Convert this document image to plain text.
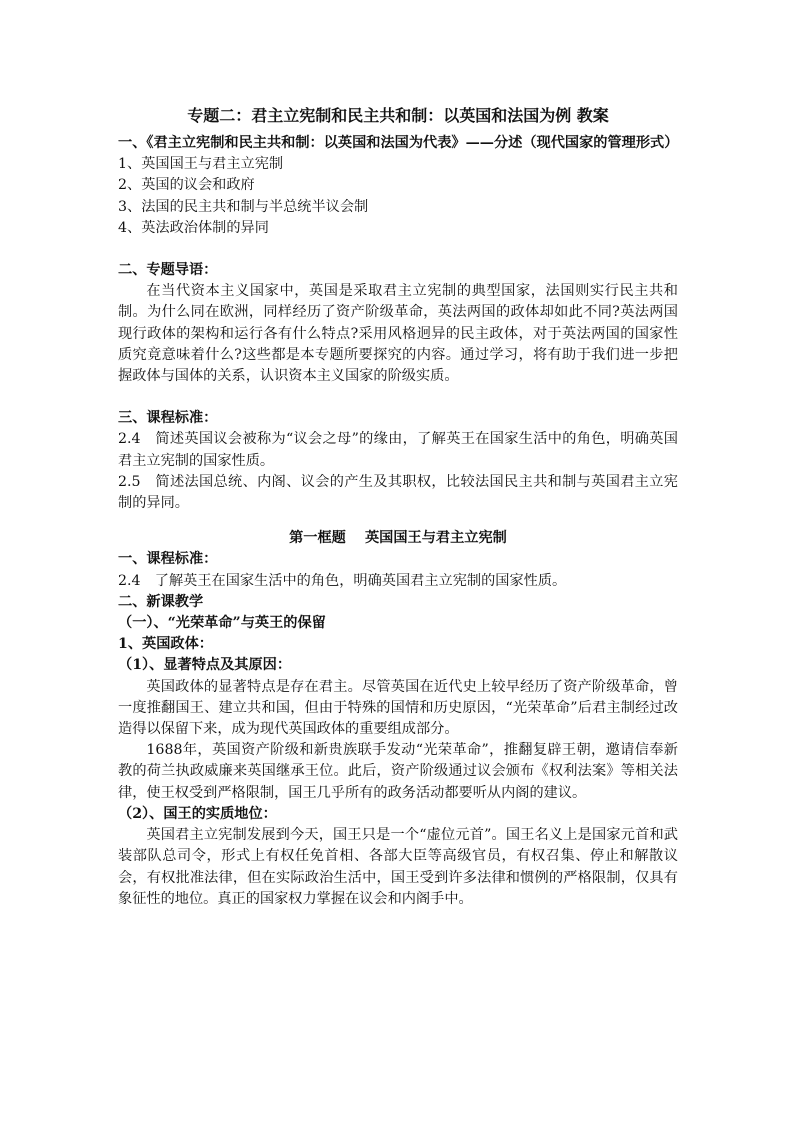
专题二：君主立宪制和民主共和制：以英国和法国为例 教案
一、《君主立宪制和民主共和制：以英国和法国为代表》——分述（现代国家的管理形式）
1、英国国王与君主立宪制
2、英国的议会和政府
3、法国的民主共和制与半总统半议会制
4、英法政治体制的异同
二、专题导语：
在当代资本主义国家中，英国是采取君主立宪制的典型国家，法国则实行民主共和制。为什么同在欧洲，同样经历了资产阶级革命，英法两国的政体却如此不同?英法两国现行政体的架构和运行各有什么特点?采用风格迥异的民主政体，对于英法两国的国家性质究竟意味着什么?这些都是本专题所要探究的内容。通过学习，将有助于我们进一步把握政体与国体的关系，认识资本主义国家的阶级实质。
三、课程标准：
2.4　简述英国议会被称为“议会之母”的缘由，了解英王在国家生活中的角色，明确英国君主立宪制的国家性质。
2.5　简述法国总统、内阁、议会的产生及其职权，比较法国民主共和制与英国君主立宪制的异同。
第一框题　 英国国王与君主立宪制
一、课程标准：
2.4　了解英王在国家生活中的角色，明确英国君主立宪制的国家性质。
二、新课教学
（一）、“光荣革命”与英王的保留
1、英国政体：
（1）、显著特点及其原因：
英国政体的显著特点是存在君主。尽管英国在近代史上较早经历了资产阶级革命，曾一度推翻国王、建立共和国，但由于特殊的国情和历史原因，“光荣革命”后君主制经过改造得以保留下来，成为现代英国政体的重要组成部分。
1688年，英国资产阶级和新贵族联手发动“光荣革命”，推翻复辟王朝，邀请信奉新教的荷兰执政威廉来英国继承王位。此后，资产阶级通过议会颁布《权利法案》等相关法律，使王权受到严格限制，国王几乎所有的政务活动都要听从内阁的建议。
（2）、国王的实质地位：
英国君主立宪制发展到今天，国王只是一个“虚位元首”。国王名义上是国家元首和武装部队总司令，形式上有权任免首相、各部大臣等高级官员，有权召集、停止和解散议会，有权批准法律，但在实际政治生活中，国王受到许多法律和惯例的严格限制，仅具有象征性的地位。真正的国家权力掌握在议会和内阁手中。
